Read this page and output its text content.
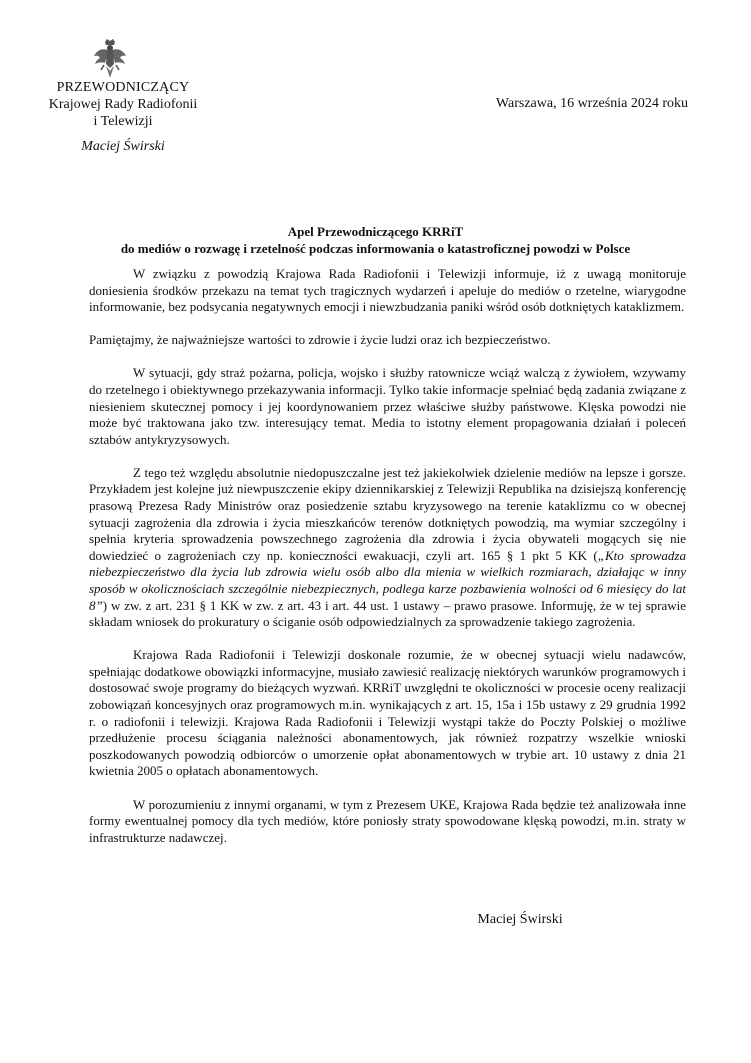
PRZEWODNICZĄCY
Krajowej Rady Radiofonii
i Telewizji
Maciej Świrski
Warszawa, 16 września 2024 roku
Apel Przewodniczącego KRRiT
do mediów o rozwagę i rzetelność podczas informowania o katastroficznej powodzi w Polsce

W związku z powodzią Krajowa Rada Radiofonii i Telewizji informuje, iż z uwagą monitoruje doniesienia środków przekazu na temat tych tragicznych wydarzeń i apeluje do mediów o rzetelne, wiarygodne informowanie, bez podsycania negatywnych emocji i niewzbudzania paniki wśród osób dotkniętych kataklizmem.

Pamiętajmy, że najważniejsze wartości to zdrowie i życie ludzi oraz ich bezpieczeństwo.

W sytuacji, gdy straż pożarna, policja, wojsko i służby ratownicze wciąż walczą z żywiołem, wzywamy do rzetelnego i obiektywnego przekazywania informacji. Tylko takie informacje spełniać będą zadania związane z niesieniem skutecznej pomocy i jej koordynowaniem przez właściwe służby państwowe. Klęska powodzi nie może być traktowana jako tzw. interesujący temat. Media to istotny element propagowania działań i poleceń sztabów antykryzysowych.

Z tego też względu absolutnie niedopuszczalne jest też jakiekolwiek dzielenie mediów na lepsze i gorsze. Przykładem jest kolejne już niewpuszczenie ekipy dziennikarskiej z Telewizji Republika na dzisiejszą konferencję prasową Prezesa Rady Ministrów oraz posiedzenie sztabu kryzysowego na terenie kataklizmu co w obecnej sytuacji zagrożenia dla zdrowia i życia mieszkańców terenów dotkniętych powodzią, ma wymiar szczególny i spełnia kryteria sprowadzenia powszechnego zagrożenia dla zdrowia i życia obywateli mogących się nie dowiedzieć o zagrożeniach czy np. konieczności ewakuacji, czyli art. 165 § 1 pkt 5 KK („Kto sprowadza niebezpieczeństwo dla życia lub zdrowia wielu osób albo dla mienia w wielkich rozmiarach, działając w inny sposób w okolicznościach szczególnie niebezpiecznych, podlega karze pozbawienia wolności od 6 miesięcy do lat 8”) w zw. z art. 231 § 1 KK w zw. z art. 43 i art. 44 ust. 1 ustawy – prawo prasowe. Informuję, że w tej sprawie składam wniosek do prokuratury o ściganie osób odpowiedzialnych za sprowadzenie takiego zagrożenia.

Krajowa Rada Radiofonii i Telewizji doskonale rozumie, że w obecnej sytuacji wielu nadawców, spełniając dodatkowe obowiązki informacyjne, musiało zawiesić realizację niektórych warunków programowych i dostosować swoje programy do bieżących wyzwań. KRRiT uwzględni te okoliczności w procesie oceny realizacji zobowiązań koncesyjnych oraz programowych m.in. wynikających z art. 15, 15a i 15b ustawy z 29 grudnia 1992 r. o radiofonii i telewizji. Krajowa Rada Radiofonii i Telewizji wystąpi także do Poczty Polskiej o możliwe przedłużenie procesu ściągania należności abonamentowych, jak również rozpatrzy wszelkie wnioski poszkodowanych powodzią odbiorców o umorzenie opłat abonamentowych w trybie art. 10 ustawy z dnia 21 kwietnia 2005 o opłatach abonamentowych.

W porozumieniu z innymi organami, w tym z Prezesem UKE, Krajowa Rada będzie też analizowała inne formy ewentualnej pomocy dla tych mediów, które poniosły straty spowodowane klęską powodzi, m.in. straty w infrastrukturze nadawczej.

Maciej Świrski
